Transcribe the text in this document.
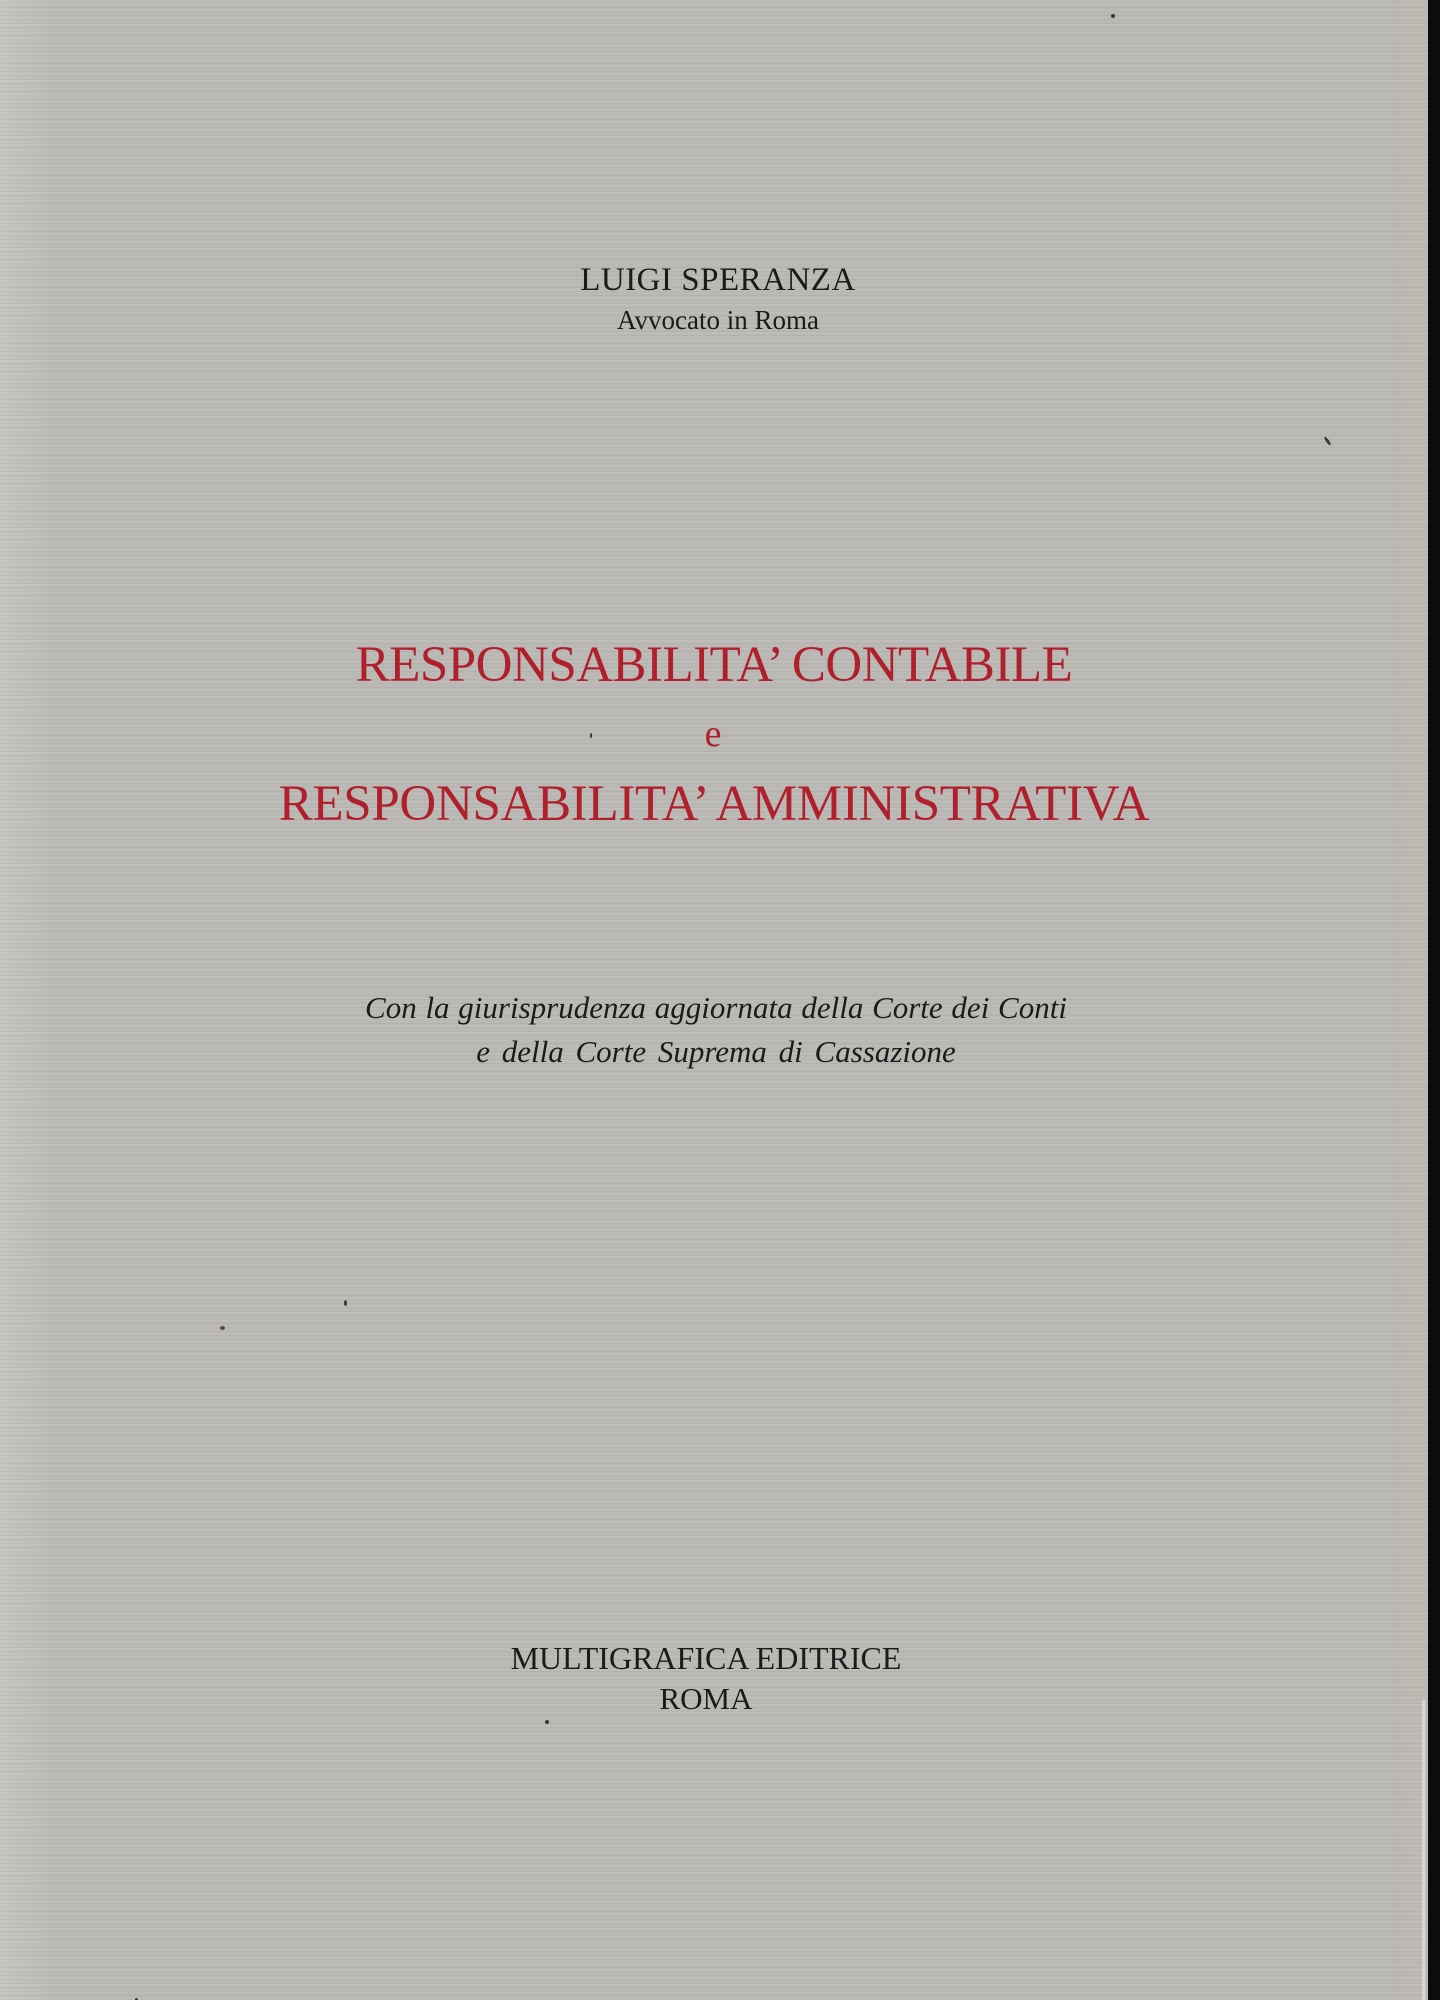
LUIGI SPERANZA
Avvocato in Roma
RESPONSABILITA’ CONTABILE
e
RESPONSABILITA’ AMMINISTRATIVA
Con la giurisprudenza aggiornata della Corte dei Conti
e della Corte Suprema di Cassazione
MULTIGRAFICA EDITRICE
ROMA
